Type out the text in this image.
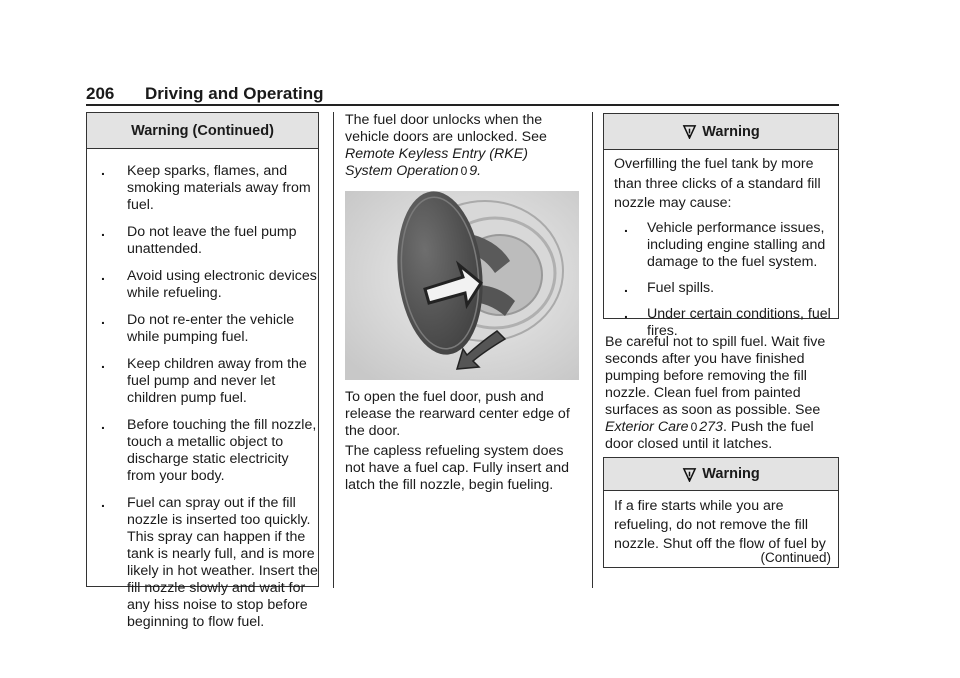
206 Driving and Operating
Warning (Continued)
. Keep sparks, flames, and smoking materials away from fuel.
. Do not leave the fuel pump unattended.
. Avoid using electronic devices while refueling.
. Do not re-enter the vehicle while pumping fuel.
. Keep children away from the fuel pump and never let children pump fuel.
. Before touching the fill nozzle, touch a metallic object to discharge static electricity from your body.
. Fuel can spray out if the fill nozzle is inserted too quickly. This spray can happen if the tank is nearly full, and is more likely in hot weather. Insert the fill nozzle slowly and wait for any hiss noise to stop before beginning to flow fuel.
The fuel door unlocks when the vehicle doors are unlocked. See Remote Keyless Entry (RKE) System Operation 0 9.
To open the fuel door, push and release the rearward center edge of the door.
The capless refueling system does not have a fuel cap. Fully insert and latch the fill nozzle, begin fueling.
Warning
Overfilling the fuel tank by more than three clicks of a standard fill nozzle may cause:
. Vehicle performance issues, including engine stalling and damage to the fuel system.
. Fuel spills.
. Under certain conditions, fuel fires.
Be careful not to spill fuel. Wait five seconds after you have finished pumping before removing the fill nozzle. Clean fuel from painted surfaces as soon as possible. See Exterior Care 0 273. Push the fuel door closed until it latches.
Warning
If a fire starts while you are refueling, do not remove the fill nozzle. Shut off the flow of fuel by
(Continued)
